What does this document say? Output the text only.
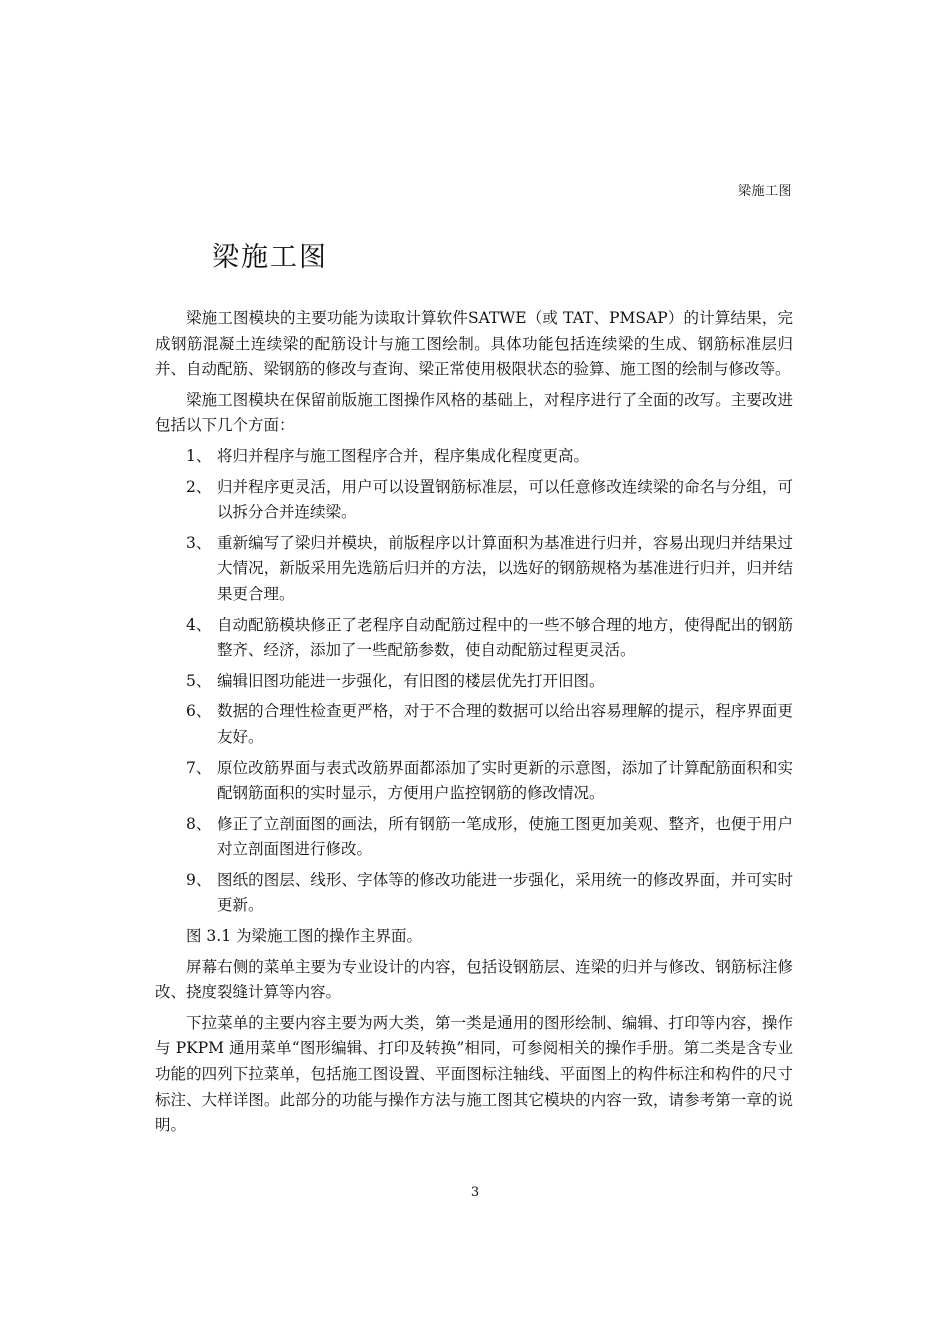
梁施工图
梁施工图

梁施工图模块的主要功能为读取计算软件SATWE（或 TAT、PMSAP）的计算结果，完成钢筋混凝土连续梁的配筋设计与施工图绘制。具体功能包括连续梁的生成、钢筋标准层归并、自动配筋、梁钢筋的修改与查询、梁正常使用极限状态的验算、施工图的绘制与修改等。

梁施工图模块在保留前版施工图操作风格的基础上，对程序进行了全面的改写。主要改进包括以下几个方面：

1、 将归并程序与施工图程序合并，程序集成化程度更高。
2、 归并程序更灵活，用户可以设置钢筋标准层，可以任意修改连续梁的命名与分组，可以拆分合并连续梁。
3、 重新编写了梁归并模块，前版程序以计算面积为基准进行归并，容易出现归并结果过大情况，新版采用先选筋后归并的方法，以选好的钢筋规格为基准进行归并，归并结果更合理。
4、 自动配筋模块修正了老程序自动配筋过程中的一些不够合理的地方，使得配出的钢筋整齐、经济，添加了一些配筋参数，使自动配筋过程更灵活。
5、 编辑旧图功能进一步强化，有旧图的楼层优先打开旧图。
6、 数据的合理性检查更严格，对于不合理的数据可以给出容易理解的提示，程序界面更友好。
7、 原位改筋界面与表式改筋界面都添加了实时更新的示意图，添加了计算配筋面积和实配钢筋面积的实时显示，方便用户监控钢筋的修改情况。
8、 修正了立剖面图的画法，所有钢筋一笔成形，使施工图更加美观、整齐，也便于用户对立剖面图进行修改。
9、 图纸的图层、线形、字体等的修改功能进一步强化，采用统一的修改界面，并可实时更新。

图 3.1 为梁施工图的操作主界面。

屏幕右侧的菜单主要为专业设计的内容，包括设钢筋层、连梁的归并与修改、钢筋标注修改、挠度裂缝计算等内容。

下拉菜单的主要内容主要为两大类，第一类是通用的图形绘制、编辑、打印等内容，操作与 PKPM 通用菜单“图形编辑、打印及转换”相同，可参阅相关的操作手册。第二类是含专业功能的四列下拉菜单，包括施工图设置、平面图标注轴线、平面图上的构件标注和构件的尺寸标注、大样详图。此部分的功能与操作方法与施工图其它模块的内容一致，请参考第一章的说明。

3
